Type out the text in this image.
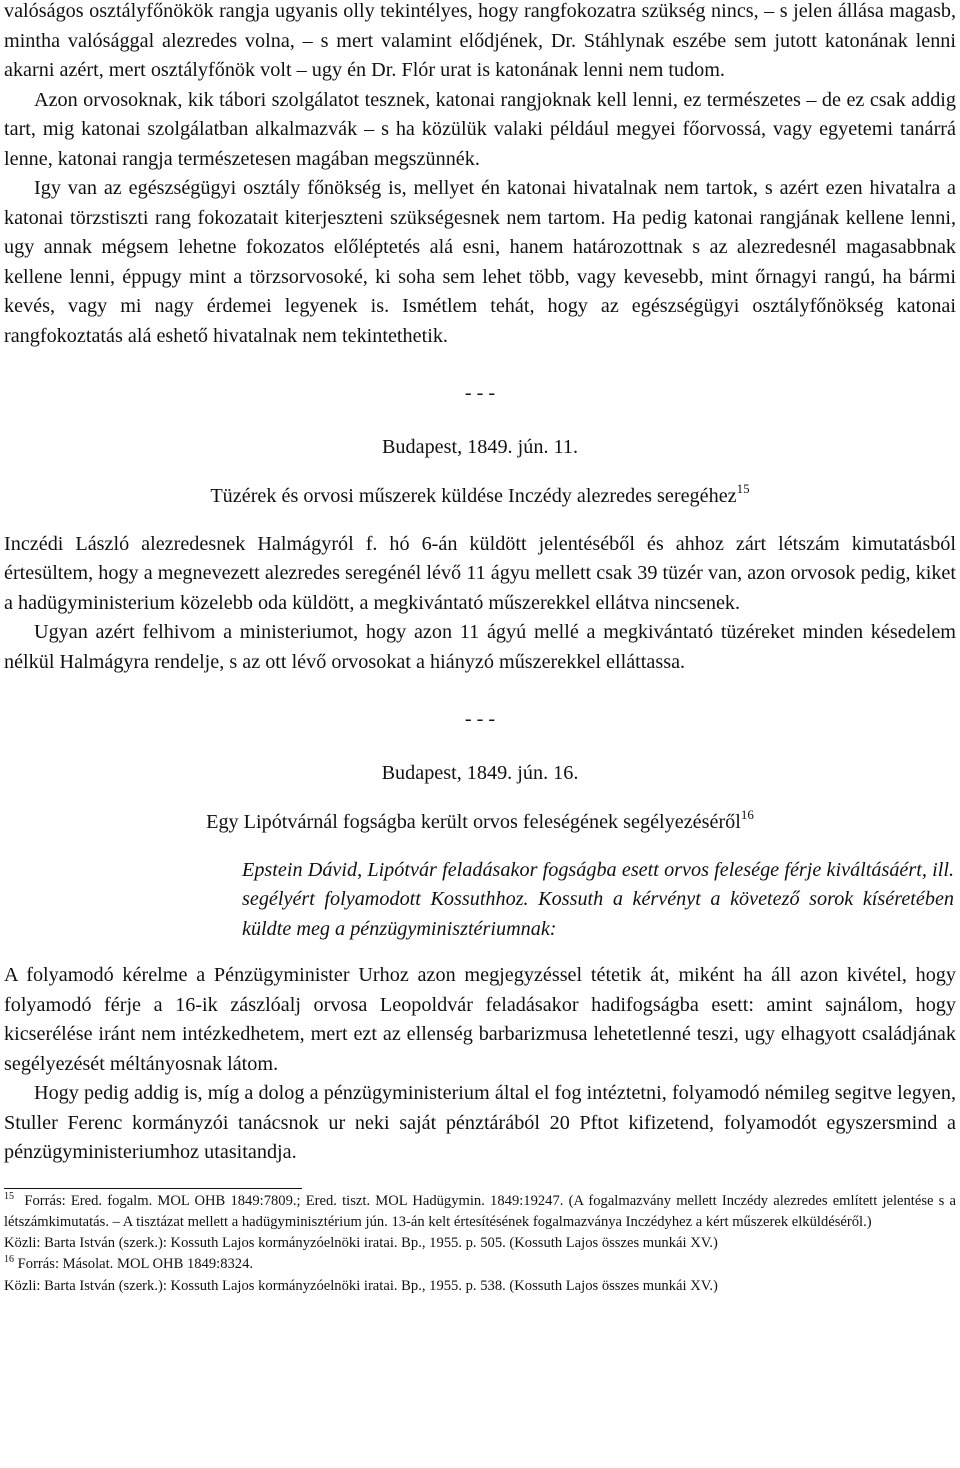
valóságos osztályfőnökök rangja ugyanis olly tekintélyes, hogy rangfokozatra szükség nincs, – s jelen állása magasb, mintha valósággal alezredes volna, – s mert valamint elődjének, Dr. Stáhlynak eszébe sem jutott katonának lenni akarni azért, mert osztályfőnök volt – ugy én Dr. Flór urat is katonának lenni nem tudom.

Azon orvosoknak, kik tábori szolgálatot tesznek, katonai rangjoknak kell lenni, ez természetes – de ez csak addig tart, mig katonai szolgálatban alkalmazvák – s ha közülük valaki például megyei főorvossá, vagy egyetemi tanárrá lenne, katonai rangja természetesen magában megszünnék.

Igy van az egészségügyi osztály főnökség is, mellyet én katonai hivatalnak nem tartok, s azért ezen hivatalra a katonai törzstiszti rang fokozatait kiterjeszteni szükségesnek nem tartom. Ha pedig katonai rangjának kellene lenni, ugy annak mégsem lehetne fokozatos előléptetés alá esni, hanem határozottnak s az alezredesnél magasabbnak kellene lenni, éppugy mint a törzsorvosoké, ki soha sem lehet több, vagy kevesebb, mint őrnagyi rangú, ha bármi kevés, vagy mi nagy érdemei legyenek is. Ismétlem tehát, hogy az egészségügyi osztályfőnökség katonai rangfokoztatás alá eshető hivatalnak nem tekintethetik.

- - -

Budapest, 1849. jún. 11.

Tüzérek és orvosi műszerek küldése Inczédy alezredes seregéhez$^{15}$

Inczédi László alezredesnek Halmágyról f. hó 6-án küldött jelentéséből és ahhoz zárt létszám kimutatásból értesültem, hogy a megnevezett alezredes seregénél lévő 11 ágyu mellett csak 39 tüzér van, azon orvosok pedig, kiket a hadügyministerium közelebb oda küldött, a megkivántató műszerekkel ellátva nincsenek.

Ugyan azért felhivom a ministeriumot, hogy azon 11 ágyú mellé a megkivántató tüzéreket minden késedelem nélkül Halmágyra rendelje, s az ott lévő orvosokat a hiányzó műszerekkel elláttassa.

- - -

Budapest, 1849. jún. 16.

Egy Lipótvárnál fogságba került orvos feleségének segélyezéséről$^{16}$

Epstein Dávid, Lipótvár feladásakor fogságba esett orvos felesége férje kiváltásáért, ill. segélyért folyamodott Kossuthhoz. Kossuth a kérvényt a követező sorok kíséretében küldte meg a pénzügyminisztériumnak:

A folyamodó kérelme a Pénzügyminister Urhoz azon megjegyzéssel tétetik át, miként ha áll azon kivétel, hogy folyamodó férje a 16-ik zászlóalj orvosa Leopoldvár feladásakor hadifogságba esett: amint sajnálom, hogy kicserélése iránt nem intézkedhetem, mert ezt az ellenség barbarizmusa lehetetlenné teszi, ugy elhagyott családjának segélyezését méltányosnak látom.

Hogy pedig addig is, míg a dolog a pénzügyministerium által el fog intéztetni, folyamodó némileg segitve legyen, Stuller Ferenc kormányzói tanácsnok ur neki saját pénztárából 20 Pftot kifizetend, folyamodót egyszersmind a pénzügyministeriumhoz utasitandja.

$^{15}$ Forrás: Ered. fogalm. MOL OHB 1849:7809.; Ered. tiszt. MOL Hadügymin. 1849:19247. (A fogalmazvány mellett Inczédy alezredes említett jelentése s a létszámkimutatás. – A tisztázat mellett a hadügyminisztérium jún. 13-án kelt értesítésének fogalmazványa Inczédyhez a kért műszerek elküldéséről.)

Közli: Barta István (szerk.): Kossuth Lajos kormányzóelnöki iratai. Bp., 1955. p. 505. (Kossuth Lajos összes munkái XV.)

$^{16}$ Forrás: Másolat. MOL OHB 1849:8324.

Közli: Barta István (szerk.): Kossuth Lajos kormányzóelnöki iratai. Bp., 1955. p. 538. (Kossuth Lajos összes munkái XV.)
